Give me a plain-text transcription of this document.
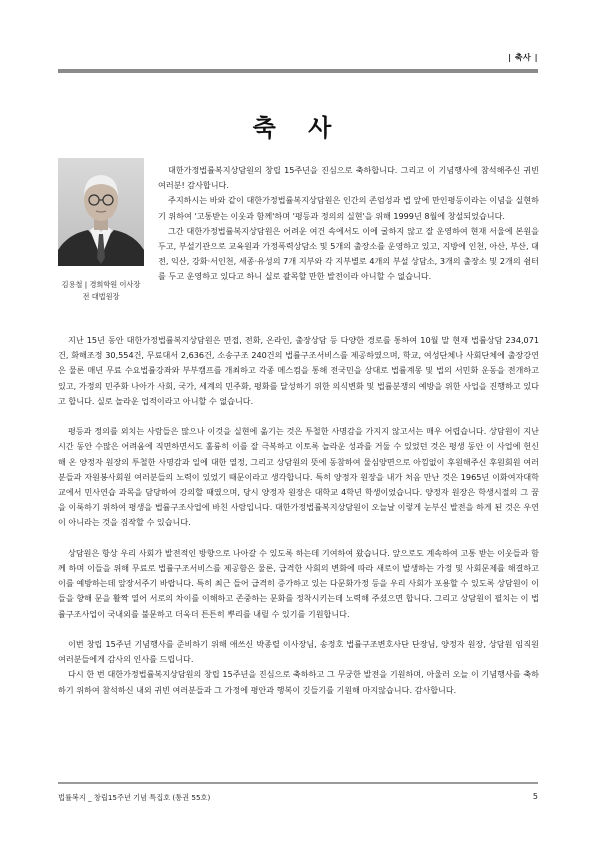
| 축사 |
축 사
김용철 | 경희학원 이사장
전 대법원장

대한가정법률복지상담원의 창립 15주년을 진심으로 축하합니다. 그리고 이 기념행사에 참석해주신 귀빈 여러분! 감사합니다.

주지하시는 바와 같이 대한가정법률복지상담원은 인간의 존엄성과 법 앞에 만인평등이라는 이념을 실현하기 위하여 '고통받는 이웃과 함께'하며 '평등과 정의의 실현'을 위해 1999년 8월에 창설되었습니다.

그간 대한가정법률복지상담원은 어려운 여건 속에서도 이에 굴하지 않고 잘 운영하여 현재 서울에 본원을 두고, 부설기관으로 교육원과 가정폭력상담소 및 5개의 출장소를 운영하고 있고, 지방에 인천, 아산, 부산, 대전, 익산, 강화·서인천, 세종·유성의 7개 지부와 각 지부별로 4개의 부설 상담소, 3개의 출장소 및 2개의 쉼터를 두고 운영하고 있다고 하니 실로 괄목할 만한 발전이라 아니할 수 없습니다.

지난 15년 동안 대한가정법률복지상담원은 면접, 전화, 온라인, 출장상담 등 다양한 경로를 통하여 10월 말 현재 법률상담 234,071건, 화해조정 30,554건, 무료대서 2,636건, 소송구조 240건의 법률구조서비스를 제공하였으며, 학교, 여성단체나 사회단체에 출장강연은 물론 매년 무료 수요법률강좌와 부부캠프를 개최하고 각종 메스컴을 통해 전국민을 상대로 법률계몽 및 법의 서민화 운동을 전개하고 있고, 가정의 민주화 나아가 사회, 국가, 세계의 민주화, 평화를 달성하기 위한 의식변화 및 법률분쟁의 예방을 위한 사업을 진행하고 있다고 합니다. 실로 놀라운 업적이라고 아니할 수 없습니다.

평등과 정의를 외치는 사람들은 많으나 이것을 실현에 옮기는 것은 투철한 사명감을 가지지 않고서는 매우 어렵습니다. 상담원이 지난 시간 동안 수많은 어려움에 직면하면서도 훌륭히 이를 잘 극복하고 이토록 놀라운 성과를 거둘 수 있었던 것은 평생 동안 이 사업에 헌신해 온 양정자 원장의 투철한 사명감과 일에 대한 열정, 그리고 상담원의 뜻에 동참하여 물심양면으로 아낌없이 후원해주신 후원회원 여러분들과 자원봉사회원 여러분들의 노력이 있었기 때문이라고 생각합니다. 특히 양정자 원장을 내가 처음 만난 것은 1965년 이화여자대학교에서 민사연습 과목을 담당하여 강의할 때였으며, 당시 양정자 원장은 대학교 4학년 학생이었습니다. 양정자 원장은 학생시절의 그 꿈을 이룩하기 위하여 평생을 법률구조사업에 바친 사람입니다. 대한가정법률복지상담원이 오늘날 이렇게 눈부신 발전을 하게 된 것은 우연이 아니라는 것을 짐작할 수 있습니다.

상담원은 항상 우리 사회가 발전적인 방향으로 나아갈 수 있도록 하는데 기여하여 왔습니다. 앞으로도 계속하여 고통 받는 이웃들과 함께 하며 이들을 위해 무료로 법률구조서비스를 제공함은 물론, 급격한 사회의 변화에 따라 새로이 발생하는 가정 및 사회문제를 해결하고 이를 예방하는데 앞장서주기 바랍니다. 특히 최근 들어 급격히 증가하고 있는 다문화가정 등을 우리 사회가 포용할 수 있도록 상담원이 이들을 향해 문을 활짝 열어 서로의 차이를 이해하고 존중하는 문화를 정착시키는데 노력해 주셨으면 합니다. 그리고 상담원이 펼치는 이 법률구조사업이 국내외를 불문하고 더욱더 튼튼히 뿌리를 내릴 수 있기를 기원합니다.

이번 창립 15주년 기념행사를 준비하기 위해 애쓰신 박종렬 이사장님, 송정호 법률구조변호사단 단장님, 양정자 원장, 상담원 임직원 여러분들에게 감사의 인사를 드립니다.

다시 한 번 대한가정법률복지상담원의 창립 15주년을 진심으로 축하하고 그 무궁한 발전을 기원하며, 아울러 오늘 이 기념행사를 축하하기 위하여 참석하신 내외 귀빈 여러분들과 그 가정에 평안과 행복이 깃들기를 기원해 마지않습니다. 감사합니다.

법률복지 _ 창립15주년 기념 특집호 (통권 55호)	5
